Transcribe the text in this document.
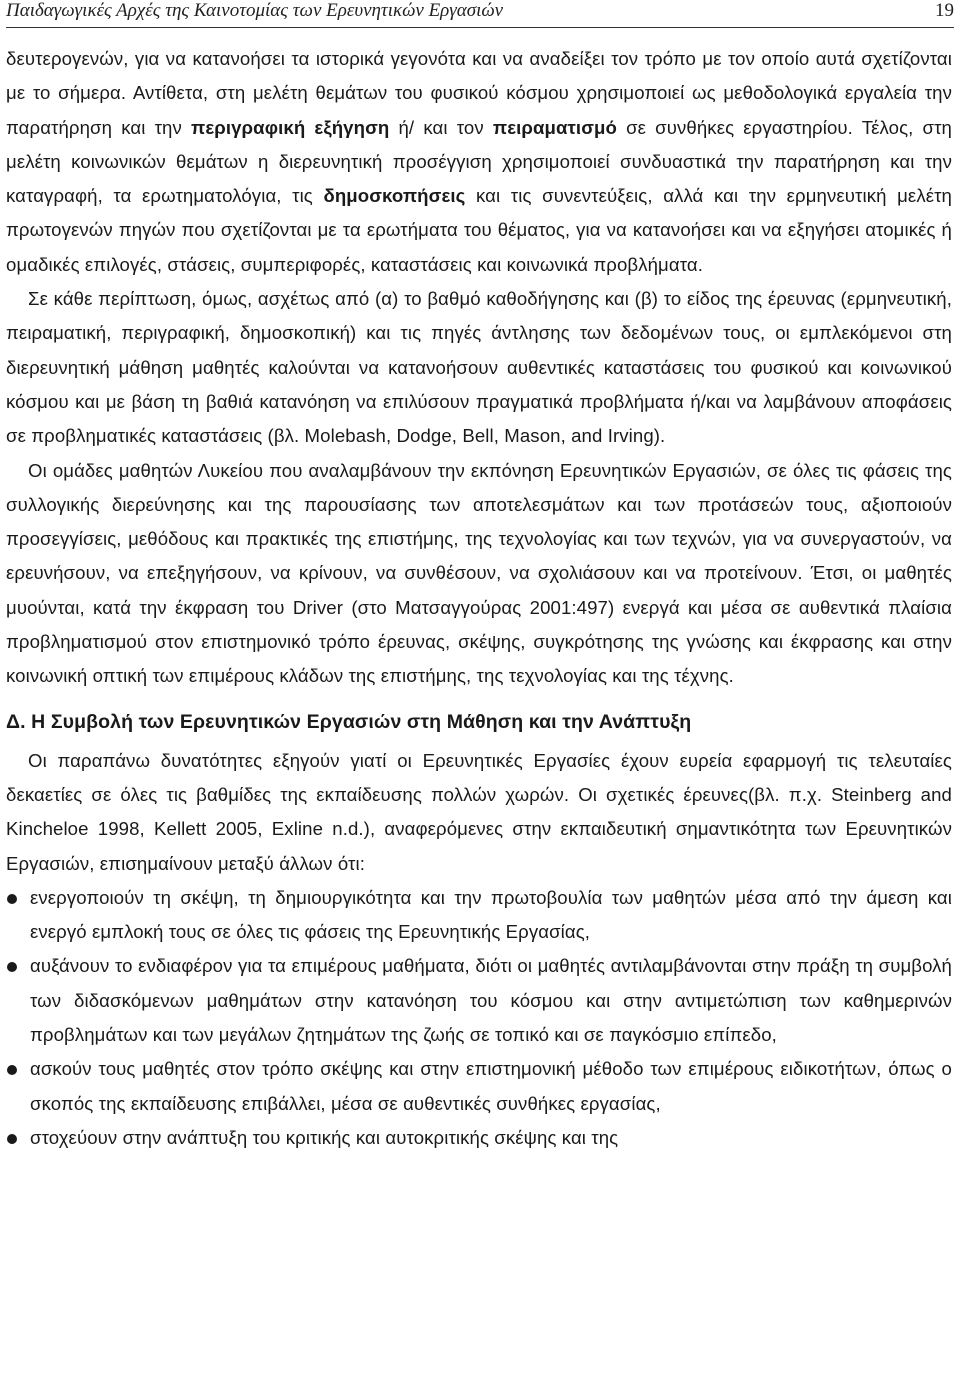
Παιδαγωγικές Αρχές της Καινοτομίας των Ερευνητικών Εργασιών	19

δευτερογενών, για να κατανοήσει τα ιστορικά γεγονότα και να αναδείξει τον τρόπο με τον οποίο αυτά σχετίζονται με το σήμερα. Αντίθετα, στη μελέτη θεμάτων του φυσικού κόσμου χρησιμοποιεί ως μεθοδολογικά εργαλεία την παρατήρηση και την περιγραφική εξήγηση ή/ και τον πειραματισμό σε συνθήκες εργαστηρίου. Τέλος, στη μελέτη κοινωνικών θεμάτων η διερευνητική προσέγγιση χρησιμοποιεί συνδυαστικά την παρατήρηση και την καταγραφή, τα ερωτηματολόγια, τις δημοσκοπήσεις και τις συνεντεύξεις, αλλά και την ερμηνευτική μελέτη πρωτογενών πηγών που σχετίζονται με τα ερωτήματα του θέματος, για να κατανοήσει και να εξηγήσει ατομικές ή ομαδικές επιλογές, στάσεις, συμπεριφορές, καταστάσεις και κοινωνικά προβλήματα.

Σε κάθε περίπτωση, όμως, ασχέτως από (α) το βαθμό καθοδήγησης και (β) το είδος της έρευνας (ερμηνευτική, πειραματική, περιγραφική, δημοσκοπική) και τις πηγές άντλησης των δεδομένων τους, οι εμπλεκόμενοι στη διερευνητική μάθηση μαθητές καλούνται να κατανοήσουν αυθεντικές καταστάσεις του φυσικού και κοινωνικού κόσμου και με βάση τη βαθιά κατανόηση να επιλύσουν πραγματικά προβλήματα ή/και να λαμβάνουν αποφάσεις σε προβληματικές καταστάσεις (βλ. Molebash, Dodge, Bell, Mason, and Irving).

Οι ομάδες μαθητών Λυκείου που αναλαμβάνουν την εκπόνηση Ερευνητικών Εργασιών, σε όλες τις φάσεις της συλλογικής διερεύνησης και της παρουσίασης των αποτελεσμάτων και των προτάσεών τους, αξιοποιούν προσεγγίσεις, μεθόδους και πρακτικές της επιστήμης, της τεχνολογίας και των τεχνών, για να συνεργαστούν, να ερευνήσουν, να επεξηγήσουν, να κρίνουν, να συνθέσουν, να σχολιάσουν και να προτείνουν. Έτσι, οι μαθητές μυούνται, κατά την έκφραση του Driver (στο Ματσαγγούρας 2001:497) ενεργά και μέσα σε αυθεντικά πλαίσια προβληματισμού στον επιστημονικό τρόπο έρευνας, σκέψης, συγκρότησης της γνώσης και έκφρασης και στην κοινωνική οπτική των επιμέρους κλάδων της επιστήμης, της τεχνολογίας και της τέχνης.

Δ. Η Συμβολή των Ερευνητικών Εργασιών στη Μάθηση και την Ανάπτυξη

Οι παραπάνω δυνατότητες εξηγούν γιατί οι Ερευνητικές Εργασίες έχουν ευρεία εφαρμογή τις τελευταίες δεκαετίες σε όλες τις βαθμίδες της εκπαίδευσης πολλών χωρών. Οι σχετικές έρευνες(βλ. π.χ. Steinberg and Kincheloe 1998, Kellett 2005, Exline n.d.), αναφερόμενες στην εκπαιδευτική σημαντικότητα των Ερευνητικών Εργασιών, επισημαίνουν μεταξύ άλλων ότι:

ενεργοποιούν τη σκέψη, τη δημιουργικότητα και την πρωτοβουλία των μαθητών μέσα από την άμεση και ενεργό εμπλοκή τους σε όλες τις φάσεις της Ερευνητικής Εργασίας,
αυξάνουν το ενδιαφέρον για τα επιμέρους μαθήματα, διότι οι μαθητές αντιλαμβάνονται στην πράξη τη συμβολή των διδασκόμενων μαθημάτων στην κατανόηση του κόσμου και στην αντιμετώπιση των καθημερινών προβλημάτων και των μεγάλων ζητημάτων της ζωής σε τοπικό και σε παγκόσμιο επίπεδο,
ασκούν τους μαθητές στον τρόπο σκέψης και στην επιστημονική μέθοδο των επιμέρους ειδικοτήτων, όπως ο σκοπός της εκπαίδευσης επιβάλλει, μέσα σε αυθεντικές συνθήκες εργασίας,
στοχεύουν στην ανάπτυξη του κριτικής και αυτοκριτικής σκέψης και της
